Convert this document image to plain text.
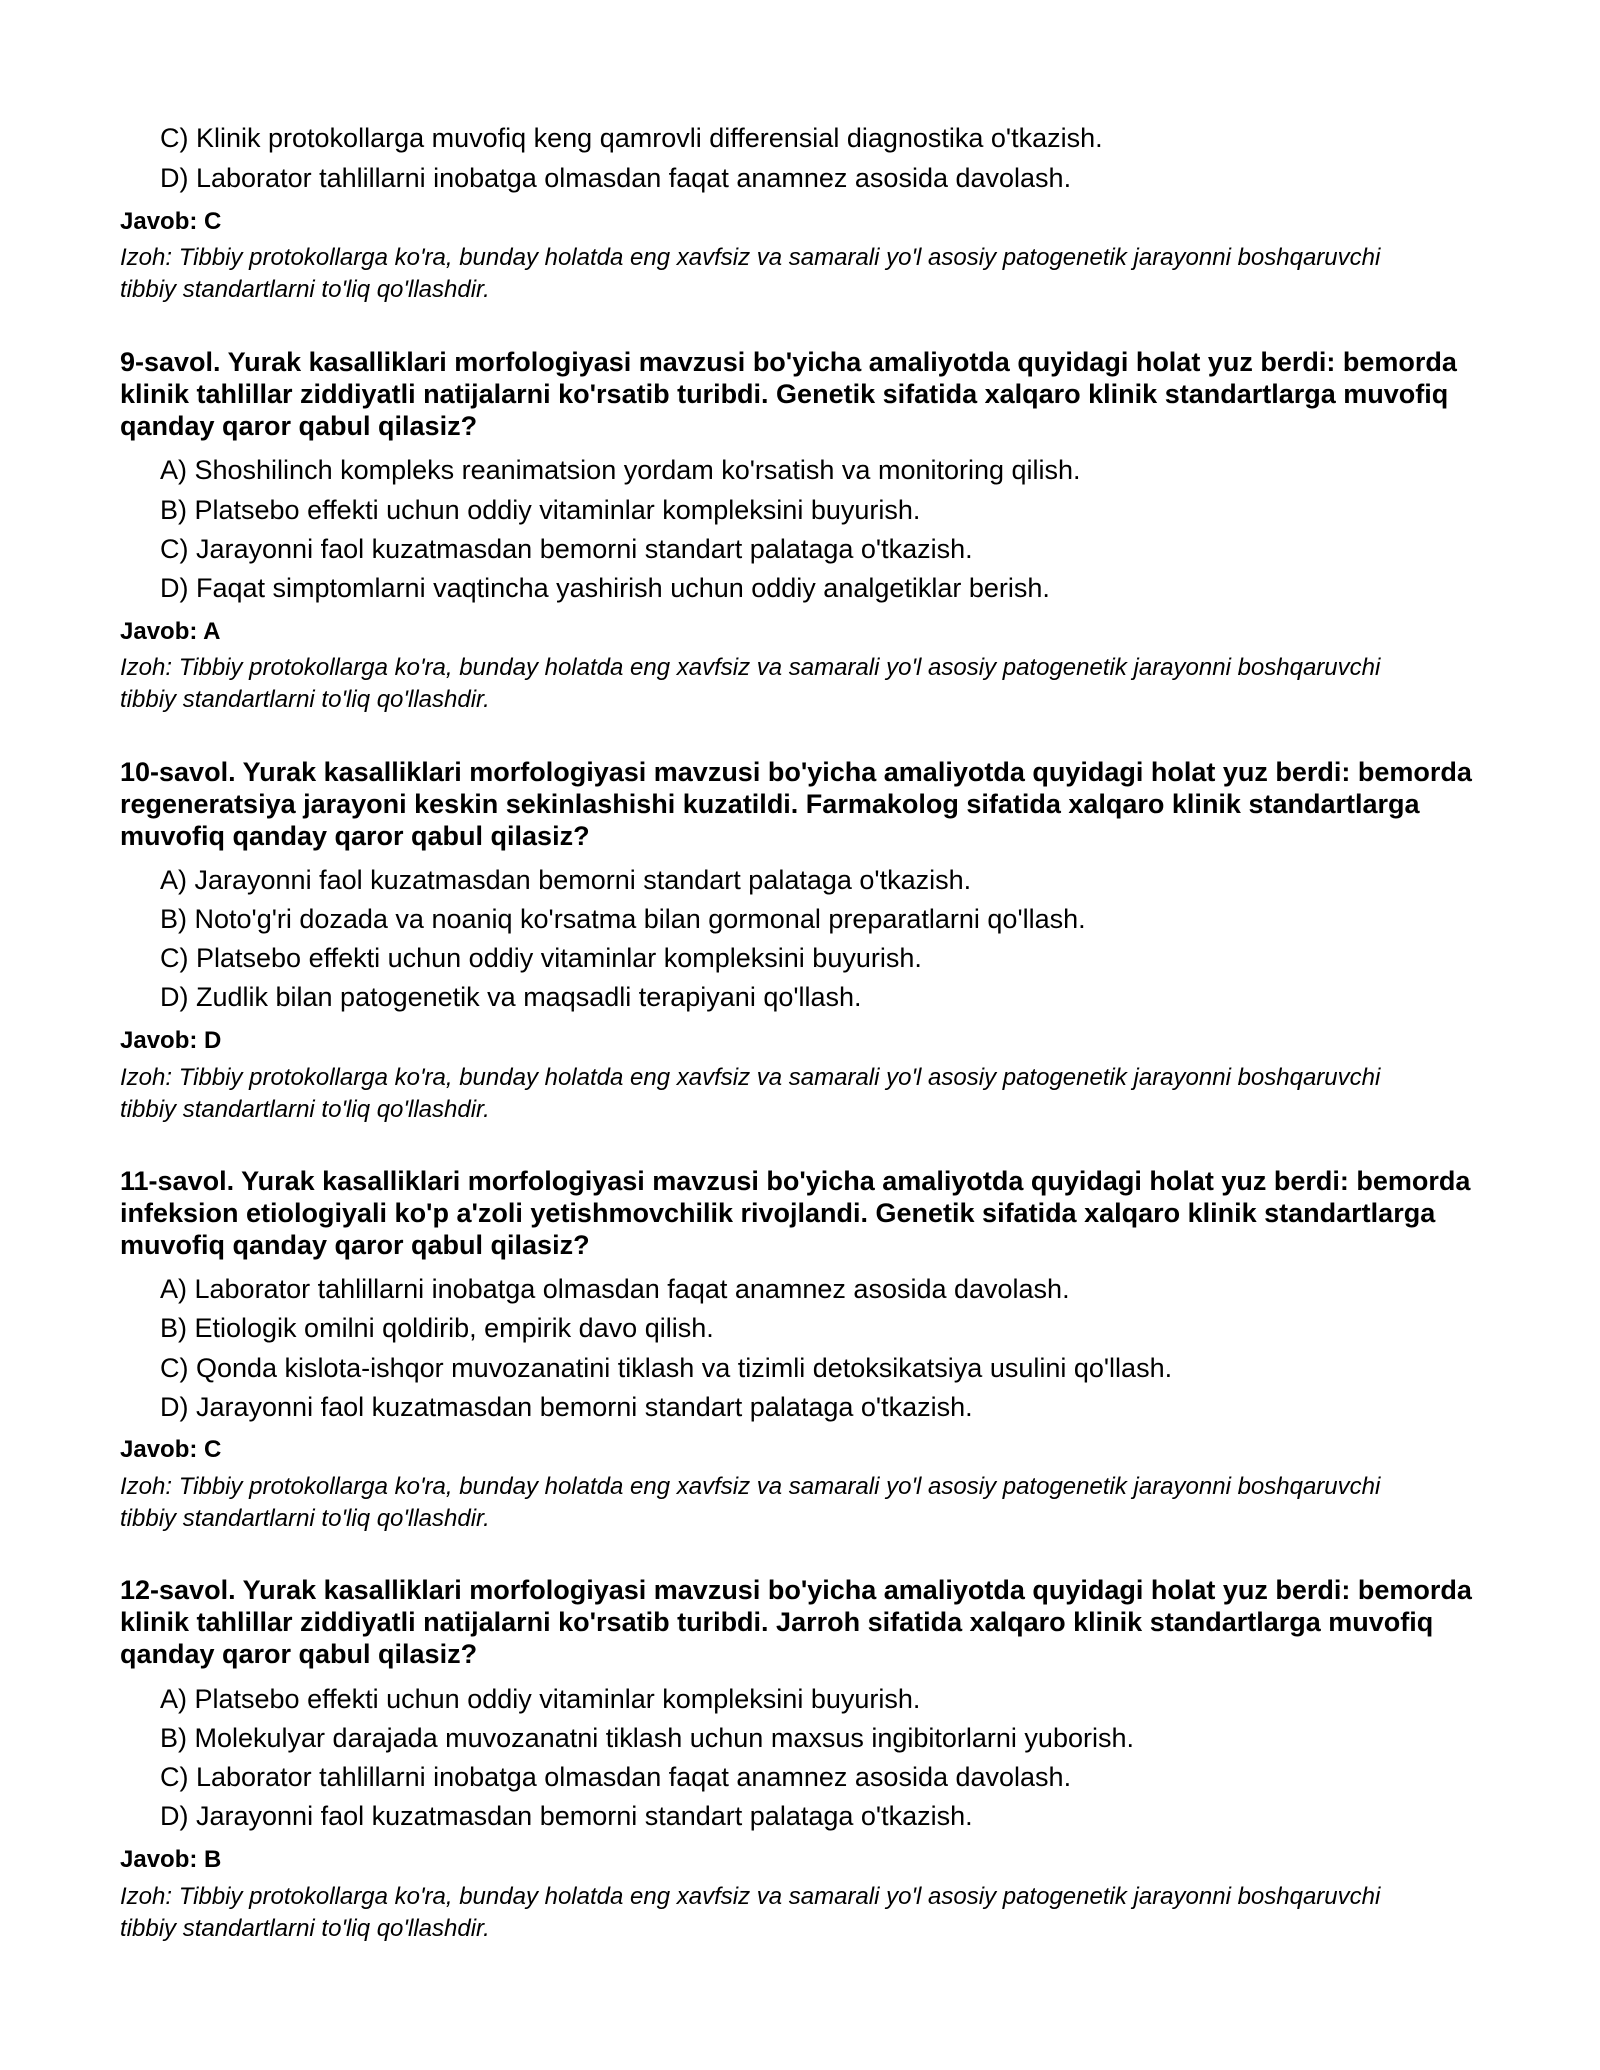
C) Klinik protokollarga muvofiq keng qamrovli differensial diagnostika o'tkazish.
D) Laborator tahlillarni inobatga olmasdan faqat anamnez asosida davolash.
Javob: C
Izoh: Tibbiy protokollarga ko'ra, bunday holatda eng xavfsiz va samarali yo'l asosiy patogenetik jarayonni boshqaruvchi tibbiy standartlarni to'liq qo'llashdir.
9-savol. Yurak kasalliklari morfologiyasi mavzusi bo'yicha amaliyotda quyidagi holat yuz berdi: bemorda klinik tahlillar ziddiyatli natijalarni ko'rsatib turibdi. Genetik sifatida xalqaro klinik standartlarga muvofiq qanday qaror qabul qilasiz?
A) Shoshilinch kompleks reanimatsion yordam ko'rsatish va monitoring qilish.
B) Platsebo effekti uchun oddiy vitaminlar kompleksini buyurish.
C) Jarayonni faol kuzatmasdan bemorni standart palataga o'tkazish.
D) Faqat simptomlarni vaqtincha yashirish uchun oddiy analgetiklar berish.
Javob: A
Izoh: Tibbiy protokollarga ko'ra, bunday holatda eng xavfsiz va samarali yo'l asosiy patogenetik jarayonni boshqaruvchi tibbiy standartlarni to'liq qo'llashdir.
10-savol. Yurak kasalliklari morfologiyasi mavzusi bo'yicha amaliyotda quyidagi holat yuz berdi: bemorda regeneratsiya jarayoni keskin sekinlashishi kuzatildi. Farmakolog sifatida xalqaro klinik standartlarga muvofiq qanday qaror qabul qilasiz?
A) Jarayonni faol kuzatmasdan bemorni standart palataga o'tkazish.
B) Noto'g'ri dozada va noaniq ko'rsatma bilan gormonal preparatlarni qo'llash.
C) Platsebo effekti uchun oddiy vitaminlar kompleksini buyurish.
D) Zudlik bilan patogenetik va maqsadli terapiyani qo'llash.
Javob: D
Izoh: Tibbiy protokollarga ko'ra, bunday holatda eng xavfsiz va samarali yo'l asosiy patogenetik jarayonni boshqaruvchi tibbiy standartlarni to'liq qo'llashdir.
11-savol. Yurak kasalliklari morfologiyasi mavzusi bo'yicha amaliyotda quyidagi holat yuz berdi: bemorda infeksion etiologiyali ko'p a'zoli yetishmovchilik rivojlandi. Genetik sifatida xalqaro klinik standartlarga muvofiq qanday qaror qabul qilasiz?
A) Laborator tahlillarni inobatga olmasdan faqat anamnez asosida davolash.
B) Etiologik omilni qoldirib, empirik davo qilish.
C) Qonda kislota-ishqor muvozanatini tiklash va tizimli detoksikatsiya usulini qo'llash.
D) Jarayonni faol kuzatmasdan bemorni standart palataga o'tkazish.
Javob: C
Izoh: Tibbiy protokollarga ko'ra, bunday holatda eng xavfsiz va samarali yo'l asosiy patogenetik jarayonni boshqaruvchi tibbiy standartlarni to'liq qo'llashdir.
12-savol. Yurak kasalliklari morfologiyasi mavzusi bo'yicha amaliyotda quyidagi holat yuz berdi: bemorda klinik tahlillar ziddiyatli natijalarni ko'rsatib turibdi. Jarroh sifatida xalqaro klinik standartlarga muvofiq qanday qaror qabul qilasiz?
A) Platsebo effekti uchun oddiy vitaminlar kompleksini buyurish.
B) Molekulyar darajada muvozanatni tiklash uchun maxsus ingibitorlarni yuborish.
C) Laborator tahlillarni inobatga olmasdan faqat anamnez asosida davolash.
D) Jarayonni faol kuzatmasdan bemorni standart palataga o'tkazish.
Javob: B
Izoh: Tibbiy protokollarga ko'ra, bunday holatda eng xavfsiz va samarali yo'l asosiy patogenetik jarayonni boshqaruvchi tibbiy standartlarni to'liq qo'llashdir.
